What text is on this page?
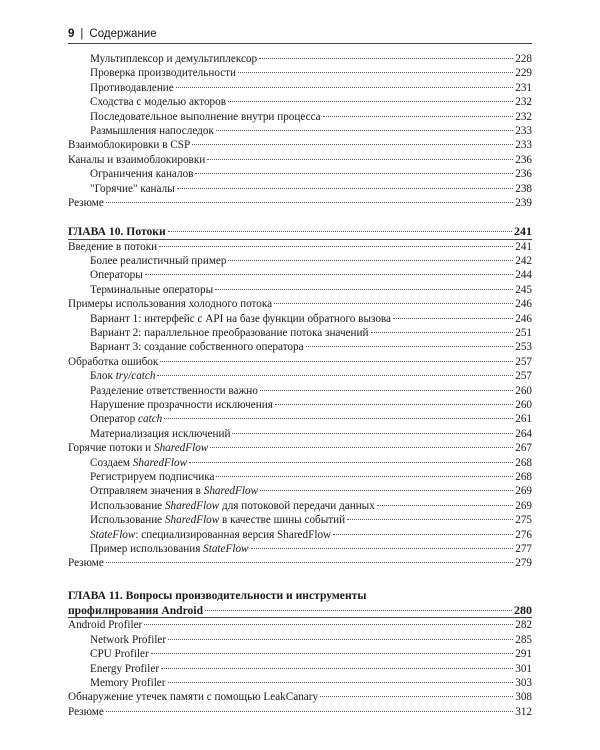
9 | Содержание
Мультиплексор и демультиплексор	228
Проверка производительности	229
Противодавление	231
Сходства с моделью акторов	232
Последовательное выполнение внутри процесса	232
Размышления напоследок	233
Взаимоблокировки в CSP	233
Каналы и взаимоблокировки	236
Ограничения каналов	236
"Горячие" каналы	238
Резюме	239
ГЛАВА 10. Потоки	241
Введение в потоки	241
Более реалистичный пример	242
Операторы	244
Терминальные операторы	245
Примеры использования холодного потока	246
Вариант 1: интерфейс с API на базе функции обратного вызова	246
Вариант 2: параллельное преобразование потока значений	251
Вариант 3: создание собственного оператора	253
Обработка ошибок	257
Блок try/catch	257
Разделение ответственности важно	260
Нарушение прозрачности исключения	260
Оператор catch	261
Материализация исключений	264
Горячие потоки и SharedFlow	267
Создаем SharedFlow	268
Регистрируем подписчика	268
Отправляем значения в SharedFlow	269
Использование SharedFlow для потоковой передачи данных	269
Использование SharedFlow в качестве шины событий	275
StateFlow: специализированная версия SharedFlow	276
Пример использования StateFlow	277
Резюме	279
ГЛАВА 11. Вопросы производительности и инструменты
профилирования Android	280
Android Profiler	282
Network Profiler	285
CPU Profiler	291
Energy Profiler	301
Memory Profiler	303
Обнаружение утечек памяти с помощью LeakCanary	308
Резюме	312
